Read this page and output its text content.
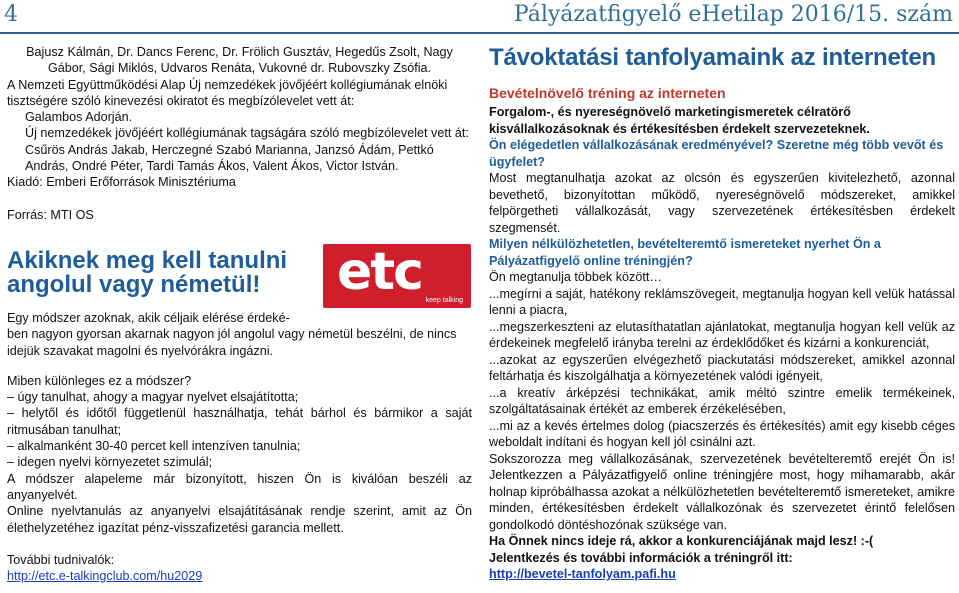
4	Pályázatfigyelő eHetilap 2016/15. szám

Bajusz Kálmán, Dr. Dancs Ferenc, Dr. Frölich Gusztáv, Hegedűs Zsolt, Nagy Gábor, Sági Miklós, Udvaros Renáta, Vukovné dr. Rubovszky Zsófia.

A Nemzeti Együttműködési Alap Új nemzedékek jövőjéért kollégiumának elnöki tisztségére szóló kinevezési okiratot és megbízólevelet vett át:

Galambos Adorján.

Új nemzedékek jövőjéért kollégiumának tagságára szóló megbízólevelet vett át: Csűrös András Jakab, Herczegné Szabó Marianna, Janzsó Ádám, Pettkó András, Ondré Péter, Tardi Tamás Ákos, Valent Ákos, Victor István.

Kiadó: Emberi Erőforrások Minisztériuma

Forrás: MTI OS

Akiknek meg kell tanulni angolul vagy németül!

Egy módszer azoknak, akik céljaik elérése érdeké-

ben nagyon gyorsan akarnak nagyon jól angolul vagy németül beszélni, de nincs idejük szavakat magolni és nyelvórákra ingázni.

Miben különleges ez a módszer?

– úgy tanulhat, ahogy a magyar nyelvet elsajátította;

– helytől és időtől függetlenül használhatja, tehát bárhol és bármikor a saját ritmusában tanulhat;

– alkalmanként 30-40 percet kell intenzíven tanulnia;

– idegen nyelvi környezetet szimulál;

A módszer alapeleme már bizonyított, hiszen Ön is kiválóan beszéli az anyanyelvét.

Online nyelvtanulás az anyanyelvi elsajátításának rendje szerint, amit az Ön élethelyzetéhez igazítat pénz-visszafizetési garancia mellett.

További tudnivalók:

http://etc.e-talkingclub.com/hu2029
etc keep talking
Távoktatási tanfolyamaink az interneten
Bevételnövelő tréning az interneten

Forgalom-, és nyereségnövelő marketingismeretek célratörő kisvállalkozásoknak és értékesítésben érdekelt szervezeteknek.

Ön elégedetlen vállalkozásának eredményével? Szeretne még több vevőt és ügyfelet?

Most megtanulhatja azokat az olcsón és egyszerűen kivitelezhető, azonnal bevethető, bizonyítottan működő, nyereségnövelő módszereket, amikkel felpörgetheti vállalkozását, vagy szervezetének értékesítésben érdekelt szegmensét.

Milyen nélkülözhetetlen, bevételteremtő ismereteket nyerhet Ön a Pályázatfigyelő online tréningjén?

Ön megtanulja többek között…

...megírni a saját, hatékony reklámszövegeit, megtanulja hogyan kell velük hatással lenni a piacra,

...megszerkeszteni az elutasíthatatlan ajánlatokat, megtanulja hogyan kell velük az érdekeinek megfelelő irányba terelni az érdeklődőket és kizárni a konkurenciát,

...azokat az egyszerűen elvégezhető piackutatási módszereket, amikkel azonnal feltárhatja és kiszolgálhatja a környezetének valódi igényeit,

...a kreatív árképzési technikákat, amik méltó szintre emelik termékeinek, szolgáltatásainak értékét az emberek érzékelésében,

...mi az a kevés értelmes dolog (piacszerzés és értékesítés) amit egy kisebb céges weboldalt indítani és hogyan kell jól csinálni azt.

Sokszorozza meg vállalkozásának, szervezetének bevételteremtő erejét Ön is! Jelentkezzen a Pályázatfigyelő online tréningjére most, hogy mihamarabb, akár holnap kipróbálhassa azokat a nélkülözhetetlen bevételteremtő ismereteket, amikre minden, értékesítésben érdekelt vállalkozónak és szervezetet érintő felelősen gondolkodó döntéshozónak szüksége van.

Ha Önnek nincs ideje rá, akkor a konkurenciájának majd lesz! :-(

Jelentkezés és további információk a tréningről itt:

http://bevetel-tanfolyam.pafi.hu
